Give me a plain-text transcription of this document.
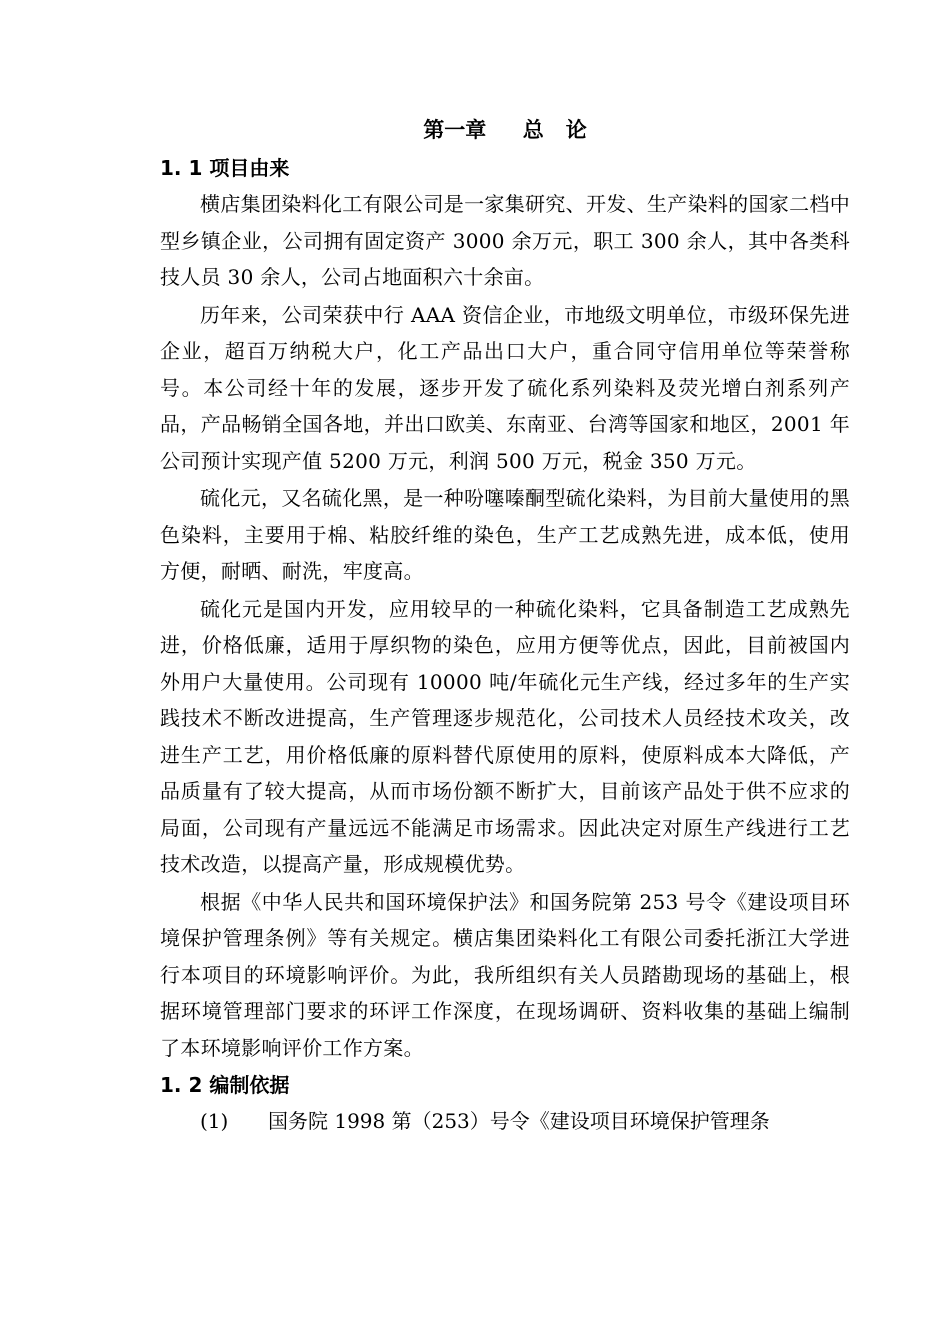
第一章     总   论
1. 1 项目由来

横店集团染料化工有限公司是一家集研究、开发、生产染料的国家二档中型乡镇企业，公司拥有固定资产 3000 余万元，职工 300 余人，其中各类科技人员 30 余人，公司占地面积六十余亩。

历年来，公司荣获中行 AAA 资信企业，市地级文明单位，市级环保先进企业，超百万纳税大户，化工产品出口大户，重合同守信用单位等荣誉称号。本公司经十年的发展，逐步开发了硫化系列染料及荧光增白剂系列产品，产品畅销全国各地，并出口欧美、东南亚、台湾等国家和地区，2001 年公司预计实现产值 5200 万元，利润 500 万元，税金 350 万元。

硫化元，又名硫化黑，是一种吩噻嗪酮型硫化染料，为目前大量使用的黑色染料，主要用于棉、粘胶纤维的染色，生产工艺成熟先进，成本低，使用方便，耐晒、耐洗，牢度高。

硫化元是国内开发，应用较早的一种硫化染料，它具备制造工艺成熟先进，价格低廉，适用于厚织物的染色，应用方便等优点，因此，目前被国内外用户大量使用。公司现有 10000 吨/年硫化元生产线，经过多年的生产实践技术不断改进提高，生产管理逐步规范化，公司技术人员经技术攻关，改进生产工艺，用价格低廉的原料替代原使用的原料，使原料成本大降低，产品质量有了较大提高，从而市场份额不断扩大，目前该产品处于供不应求的局面，公司现有产量远远不能满足市场需求。因此决定对原生产线进行工艺技术改造，以提高产量，形成规模优势。

根据《中华人民共和国环境保护法》和国务院第 253 号令《建设项目环境保护管理条例》等有关规定。横店集团染料化工有限公司委托浙江大学进行本项目的环境影响评价。为此，我所组织有关人员踏勘现场的基础上，根据环境管理部门要求的环评工作深度，在现场调研、资料收集的基础上编制了本环境影响评价工作方案。

1. 2 编制依据
(1) 国务院 1998 第（253）号令《建设项目环境保护管理条
